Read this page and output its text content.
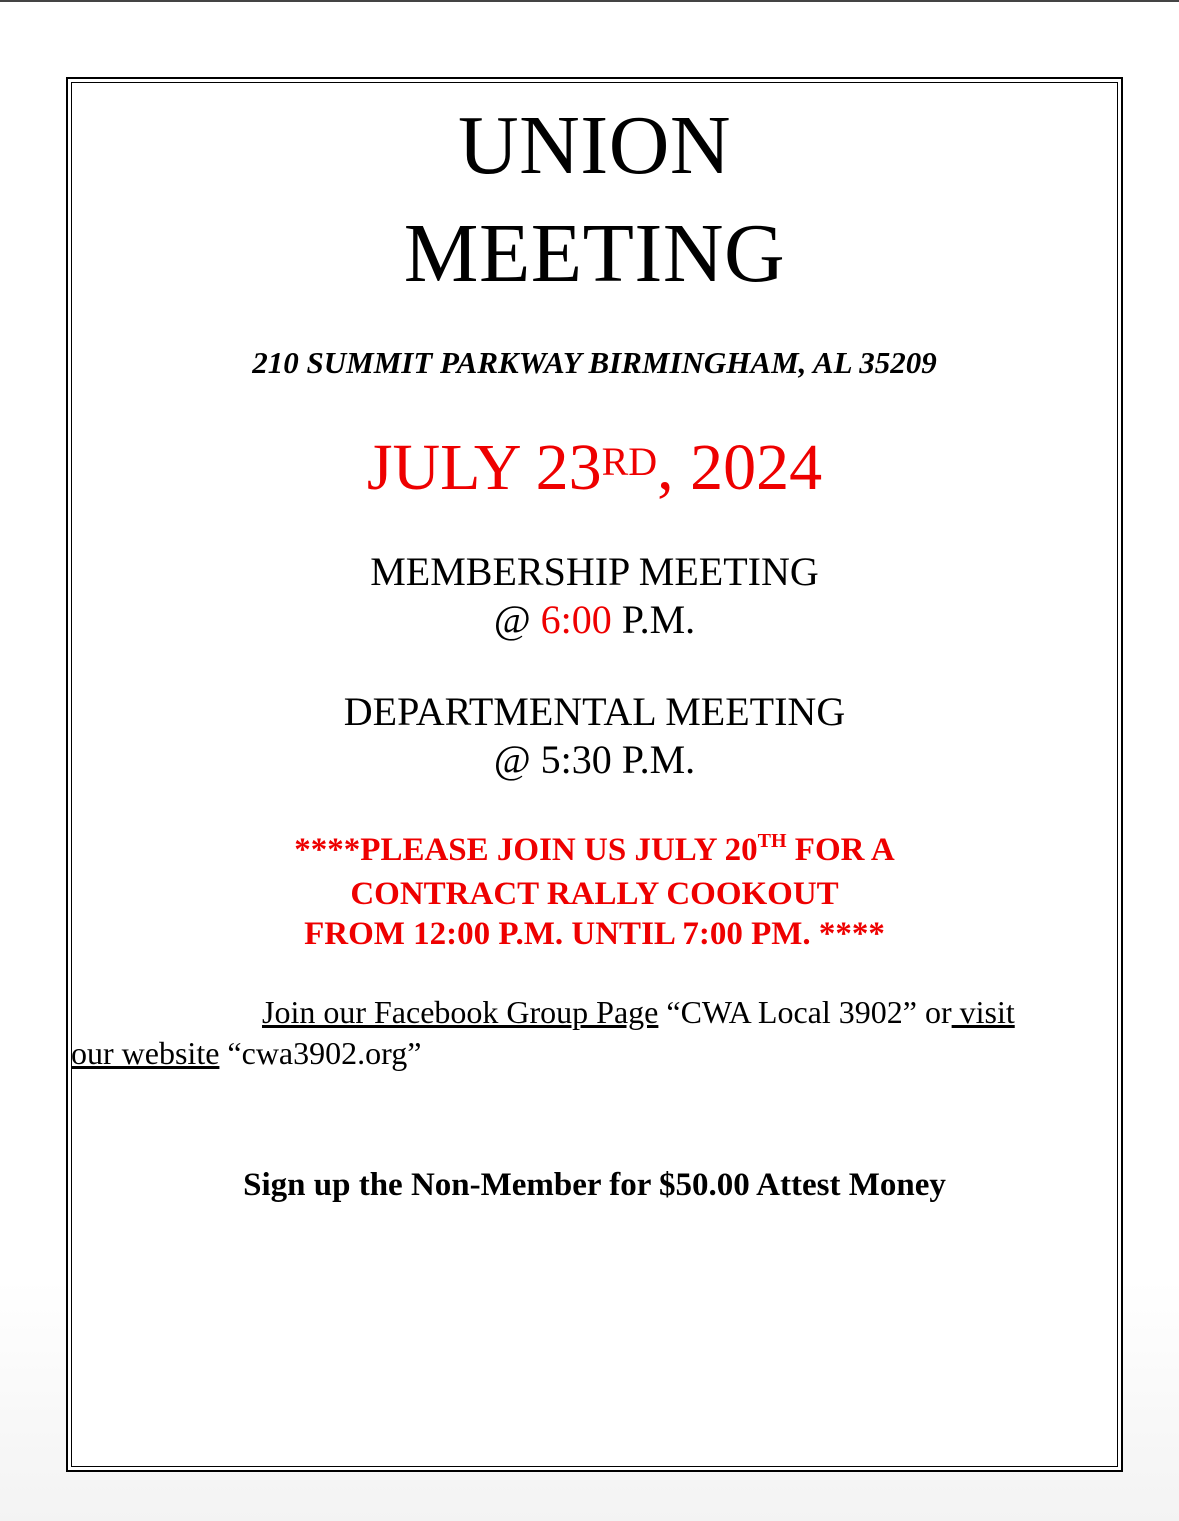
UNION
MEETING
210 SUMMIT PARKWAY BIRMINGHAM, AL 35209
JULY 23RD, 2024
MEMBERSHIP MEETING
@ 6:00 P.M.
DEPARTMENTAL MEETING
@ 5:30 P.M.
****PLEASE JOIN US JULY 20TH FOR A
CONTRACT RALLY COOKOUT
FROM 12:00 P.M. UNTIL 7:00 PM. ****
Join our Facebook Group Page “CWA Local 3902” or visit
our website “cwa3902.org”
Sign up the Non-Member for $50.00 Attest Money
